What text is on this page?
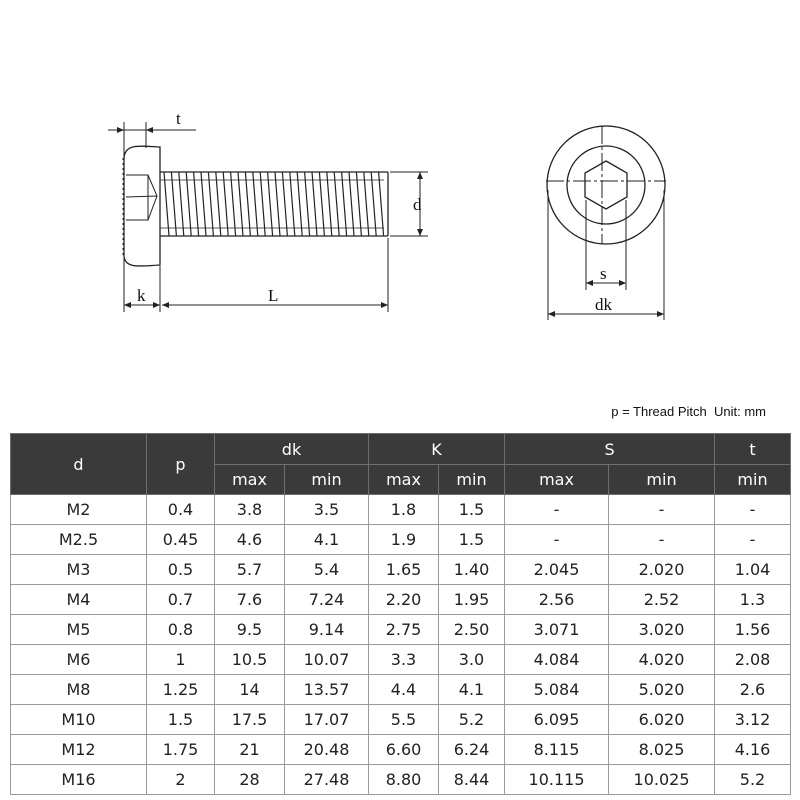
t
d
k	L
s
dk
p = Thread Pitch Unit: mm
d	p	dk		K		S		t
		max	min	max	min	max	min	min
M2	0.4	3.8	3.5	1.8	1.5	-	-	-
M2.5	0.45	4.6	4.1	1.9	1.5	-	-	-
M3	0.5	5.7	5.4	1.65	1.40	2.045	2.020	1.04
M4	0.7	7.6	7.24	2.20	1.95	2.56	2.52	1.3
M5	0.8	9.5	9.14	2.75	2.50	3.071	3.020	1.56
M6	1	10.5	10.07	3.3	3.0	4.084	4.020	2.08
M8	1.25	14	13.57	4.4	4.1	5.084	5.020	2.6
M10	1.5	17.5	17.07	5.5	5.2	6.095	6.020	3.12
M12	1.75	21	20.48	6.60	6.24	8.115	8.025	4.16
M16	2	28	27.48	8.80	8.44	10.115	10.025	5.2
